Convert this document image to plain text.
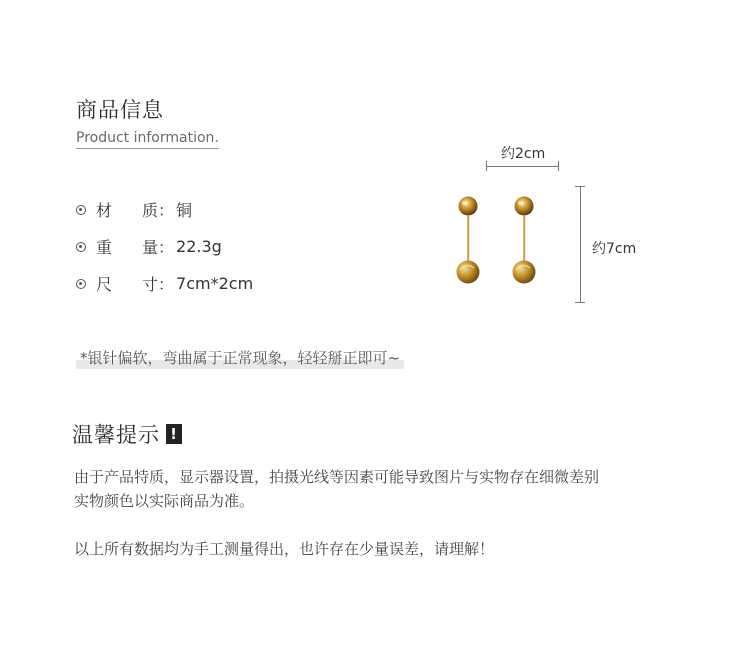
商品信息
Product information.
材	质 ： 铜
重	量 ： 22.3g
尺	寸 ： 7cm*2cm
约2cm
约7cm
*银针偏软，弯曲属于正常现象，轻轻掰正即可~
温馨提示 !
由于产品特质，显示器设置，拍摄光线等因素可能导致图片与实物存在细微差别
实物颜色以实际商品为准。
以上所有数据均为手工测量得出，也许存在少量误差，请理解！
